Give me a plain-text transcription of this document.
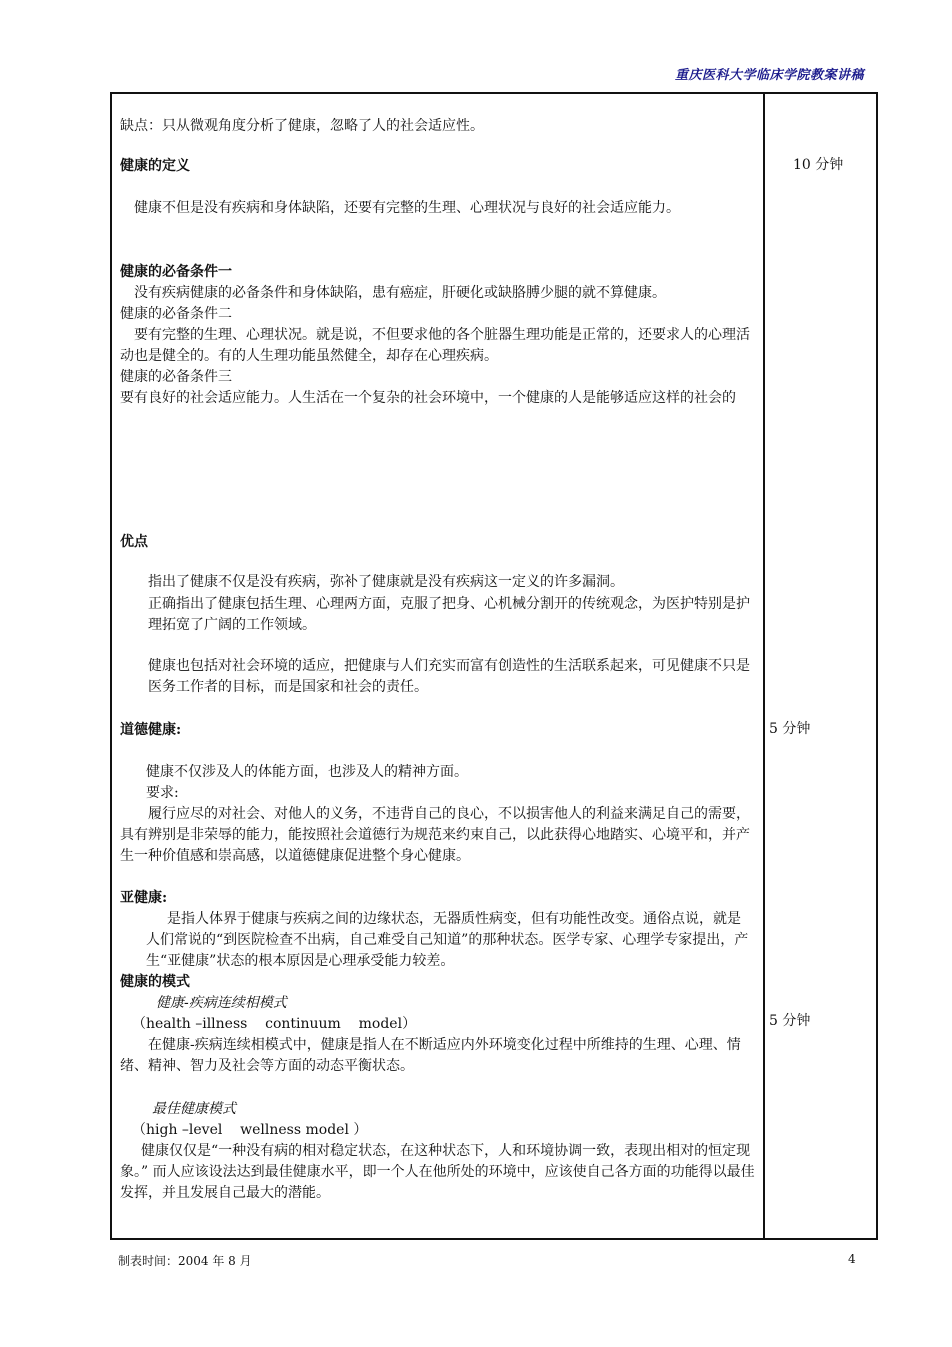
重庆医科大学临床学院教案讲稿
缺点：只从微观角度分析了健康，忽略了人的社会适应性。
健康的定义
健康不但是没有疾病和身体缺陷，还要有完整的生理、心理状况与良好的社会适应能力。
健康的必备条件一
没有疾病健康的必备条件和身体缺陷，患有癌症，肝硬化或缺胳膊少腿的就不算健康。
健康的必备条件二
要有完整的生理、心理状况。就是说，不但要求他的各个脏器生理功能是正常的，还要求人的心理活动也是健全的。有的人生理功能虽然健全，却存在心理疾病。
健康的必备条件三
要有良好的社会适应能力。人生活在一个复杂的社会环境中，一个健康的人是能够适应这样的社会的
优点
指出了健康不仅是没有疾病，弥补了健康就是没有疾病这一定义的许多漏洞。
正确指出了健康包括生理、心理两方面，克服了把身、心机械分割开的传统观念，为医护特别是护理拓宽了广阔的工作领域。
健康也包括对社会环境的适应，把健康与人们充实而富有创造性的生活联系起来，可见健康不只是医务工作者的目标，而是国家和社会的责任。
道德健康:
健康不仅涉及人的体能方面，也涉及人的精神方面。
要求:
履行应尽的对社会、对他人的义务，不违背自己的良心，不以损害他人的利益来满足自己的需要，具有辨别是非荣辱的能力，能按照社会道德行为规范来约束自己，以此获得心地踏实、心境平和，并产生一种价值感和崇高感，以道德健康促进整个身心健康。
亚健康:
是指人体界于健康与疾病之间的边缘状态，无器质性病变，但有功能性改变。通俗点说，就是人们常说的“到医院检查不出病，自己难受自己知道”的那种状态。医学专家、心理学专家提出，产生“亚健康”状态的根本原因是心理承受能力较差。
健康的模式
健康-疾病连续相模式
（health –illness    continuum    model）
在健康-疾病连续相模式中，健康是指人在不断适应内外环境变化过程中所维持的生理、心理、情绪、精神、智力及社会等方面的动态平衡状态。
最佳健康模式
（high –level    wellness model ）
健康仅仅是“一种没有病的相对稳定状态，在这种状态下，人和环境协调一致，表现出相对的恒定现象。” 而人应该设法达到最佳健康水平，即一个人在他所处的环境中，应该使自己各方面的功能得以最佳发挥，并且发展自己最大的潜能。
10 分钟
5 分钟
5 分钟
制表时间：2004 年 8 月	4
